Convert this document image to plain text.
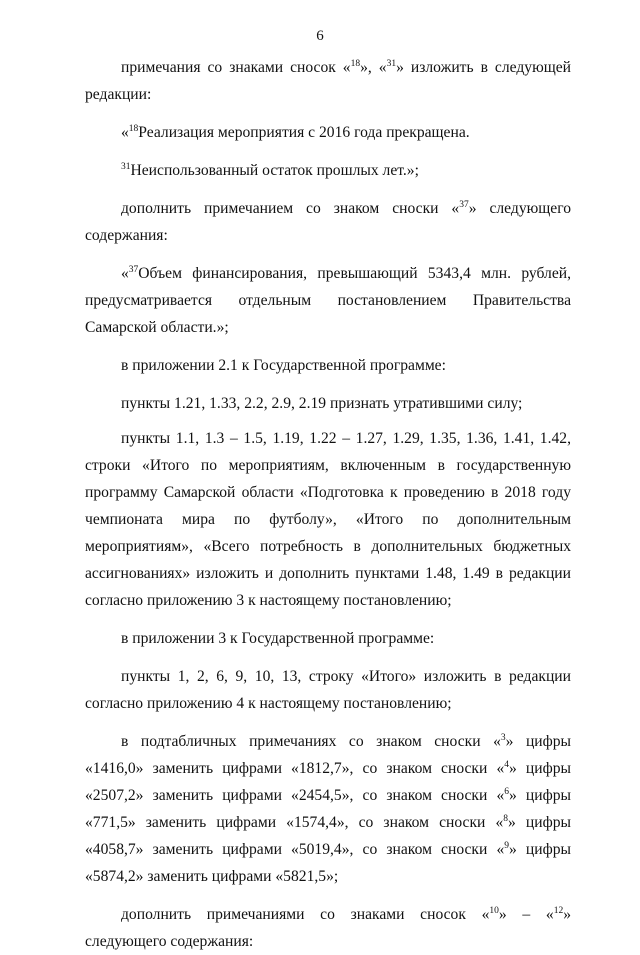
6

примечания со знаками сносок «$^{18}$», «$^{31}$» изложить в следующей редакции:

«$^{18}$Реализация мероприятия с 2016 года прекращена.

$^{31}$Неиспользованный остаток прошлых лет.»;

дополнить примечанием со знаком сноски «$^{37}$» следующего содержания:

«$^{37}$Объем финансирования, превышающий 5343,4 млн. рублей, предусматривается отдельным постановлением Правительства Самарской области.»;

в приложении 2.1 к Государственной программе:

пункты 1.21, 1.33, 2.2, 2.9, 2.19 признать утратившими силу;

пункты 1.1, 1.3 – 1.5, 1.19, 1.22 – 1.27, 1.29, 1.35, 1.36, 1.41, 1.42, строки «Итого по мероприятиям, включенным в государственную программу Самарской области «Подготовка к проведению в 2018 году чемпионата мира по футболу», «Итого по дополнительным мероприятиям», «Всего потребность в дополнительных бюджетных ассигнованиях» изложить и дополнить пунктами 1.48, 1.49 в редакции согласно приложению 3 к настоящему постановлению;

в приложении 3 к Государственной программе:

пункты 1, 2, 6, 9, 10, 13, строку «Итого» изложить в редакции согласно приложению 4 к настоящему постановлению;

в подтабличных примечаниях со знаком сноски «$^3$» цифры «1416,0» заменить цифрами «1812,7», со знаком сноски «$^4$» цифры «2507,2» заменить цифрами «2454,5», со знаком сноски «$^6$» цифры «771,5» заменить цифрами «1574,4», со знаком сноски «$^8$» цифры «4058,7» заменить цифрами «5019,4», со знаком сноски «$^9$» цифры «5874,2» заменить цифрами «5821,5»;

дополнить примечаниями со знаками сносок «$^{10}$» – «$^{12}$» следующего содержания:
